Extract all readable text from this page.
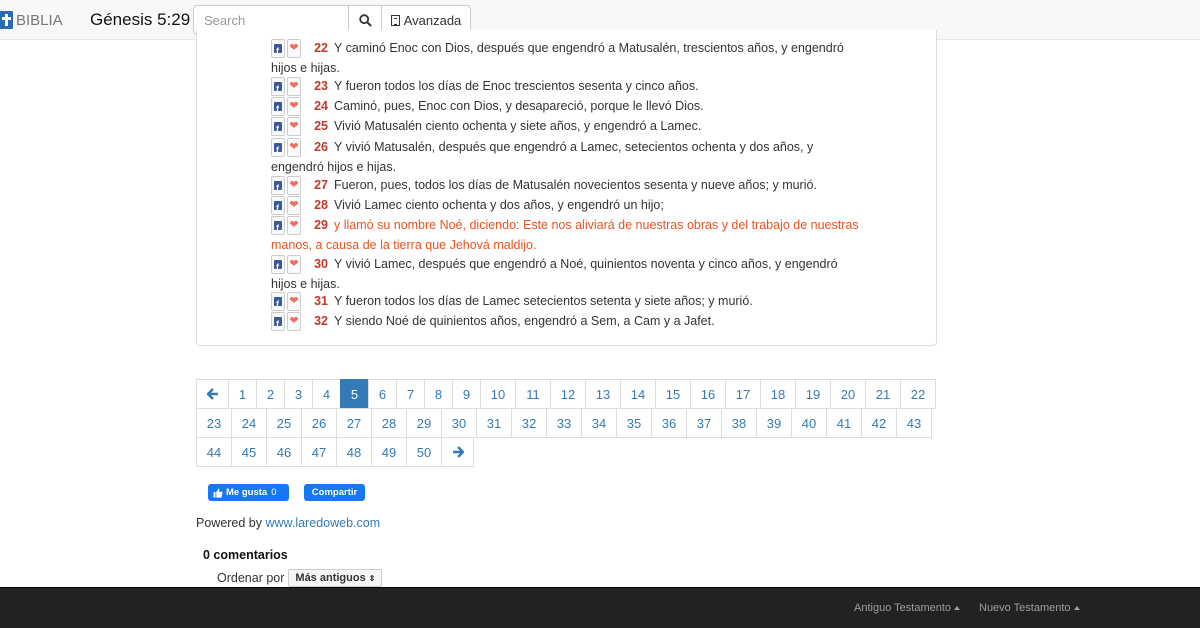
BIBLIA Génesis 5:29
Search	Avanzada
f❤ 22 Y caminó Enoc con Dios, después que engendró a Matusalén, trescientos años, y engendró hijos e hijas.
f❤ 23 Y fueron todos los días de Enoc trescientos sesenta y cinco años.
f❤ 24 Caminó, pues, Enoc con Dios, y desapareció, porque le llevó Dios.
f❤ 25 Vivió Matusalén ciento ochenta y siete años, y engendró a Lamec.
f❤ 26 Y vivió Matusalén, después que engendró a Lamec, setecientos ochenta y dos años, y engendró hijos e hijas.
f❤ 27 Fueron, pues, todos los días de Matusalén novecientos sesenta y nueve años; y murió.
f❤ 28 Vivió Lamec ciento ochenta y dos años, y engendró un hijo;
f❤ 29 y llamó su nombre Noé, diciendo: Este nos aliviará de nuestras obras y del trabajo de nuestras manos, a causa de la tierra que Jehová maldijo.
f❤ 30 Y vivió Lamec, después que engendró a Noé, quinientos noventa y cinco años, y engendró hijos e hijas.
f❤ 31 Y fueron todos los días de Lamec setecientos setenta y siete años; y murió.
f❤ 32 Y siendo Noé de quinientos años, engendró a Sem, a Cam y a Jafet.
1	2	3	4	5	6	7	8	9	10	11	12	13	14	15	16	17	18	19	20	21	22
23	24	25	26	27	28	29	30	31	32	33	34	35	36	37	38	39	40	41	42	43
44	45	46	47	48	49	50
Me gusta 0	Compartir
Powered by www.laredoweb.com
0 comentarios
Ordenar por Más antiguos ⇕
Antiguo Testamento	Nuevo Testamento
